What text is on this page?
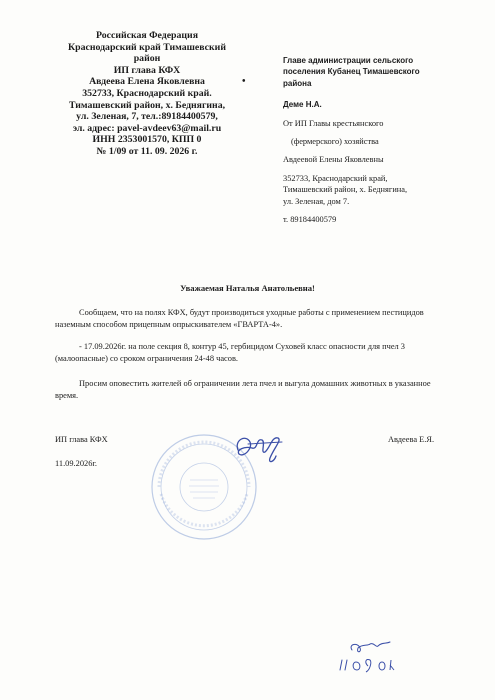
Российская Федерация
Краснодарский край Тимашевский
район
ИП глава КФХ
Авдеева Елена Яковлевна
352733, Краснодарский край.
Тимашевский район, х. Беднягина,
ул. Зеленая, 7, тел.:89184400579,
эл. адрес: pavel-avdeev63@mail.ru
ИНН 2353001570, КПП 0
№ 1/09 от 11. 09. 2026 г.
•
Главе администрации сельского
поселения Кубанец Тимашевского
района
Деме Н.А.
От ИП Главы крестьянского
(фермерского) хозяйства
Авдеевой Елены Яковлевны
352733, Краснодарский край,
Тимашевский район, х. Беднягина,
ул. Зеленая, дом 7.
т. 89184400579
Уважаемая Наталья Анатольевна!
Сообщаем, что на полях КФХ, будут производиться уходные работы с применением пестицидов наземным способом прицепным опрыскивателем «ГВАРТА-4».
- 17.09.2026г. на поле секция 8, контур 45, гербицидом Суховей класс опасности для пчел 3 (малоопасные) со сроком ограничения 24-48 часов.
Просим оповестить жителей об ограничении лета пчел и выгула домашних животных в указанное время.
ИП глава КФХ	Авдеева Е.Я.
11.09.2026г.
